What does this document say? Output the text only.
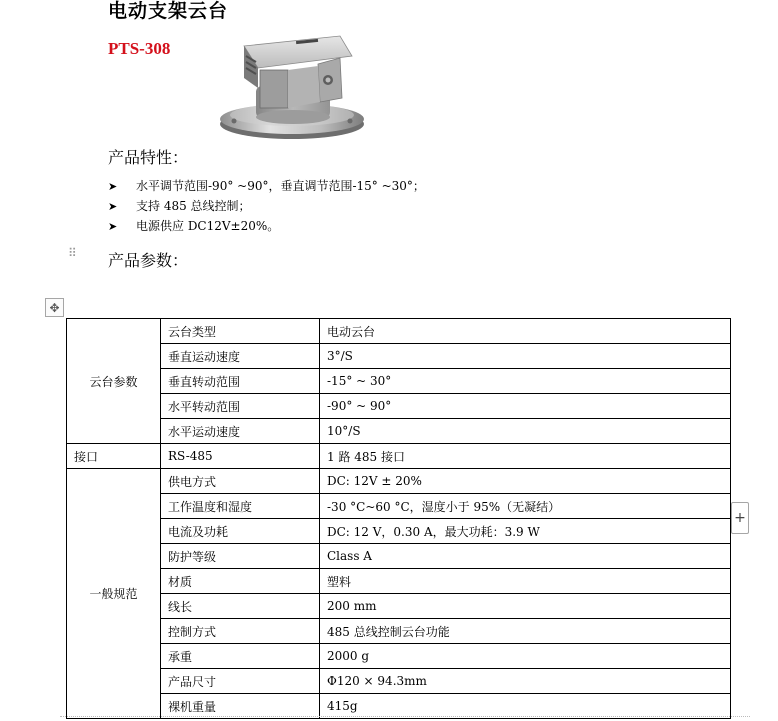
电动支架云台
PTS-308
产品特性：
➤ 水平调节范围-90° ~90°，垂直调节范围-15° ~30°；
➤ 支持 485 总线控制；
➤ 电源供应 DC12V±20%。
⠿ 产品参数：
✥
+
云台参数	云台类型	电动云台
	垂直运动速度	3°/S
	垂直转动范围	-15° ~ 30°
	水平转动范围	-90° ~ 90°
	水平运动速度	10°/S
接口	RS-485	1 路 485 接口
一般规范	供电方式	DC: 12V ± 20%
	工作温度和湿度	-30 °C~60 °C，湿度小于 95%（无凝结）
	电流及功耗	DC: 12 V，0.30 A，最大功耗：3.9 W
	防护等级	Class A
	材质	塑料
	线长	200 mm
	控制方式	485 总线控制云台功能
	承重	2000 g
	产品尺寸	Φ120 × 94.3mm
	裸机重量	415g
